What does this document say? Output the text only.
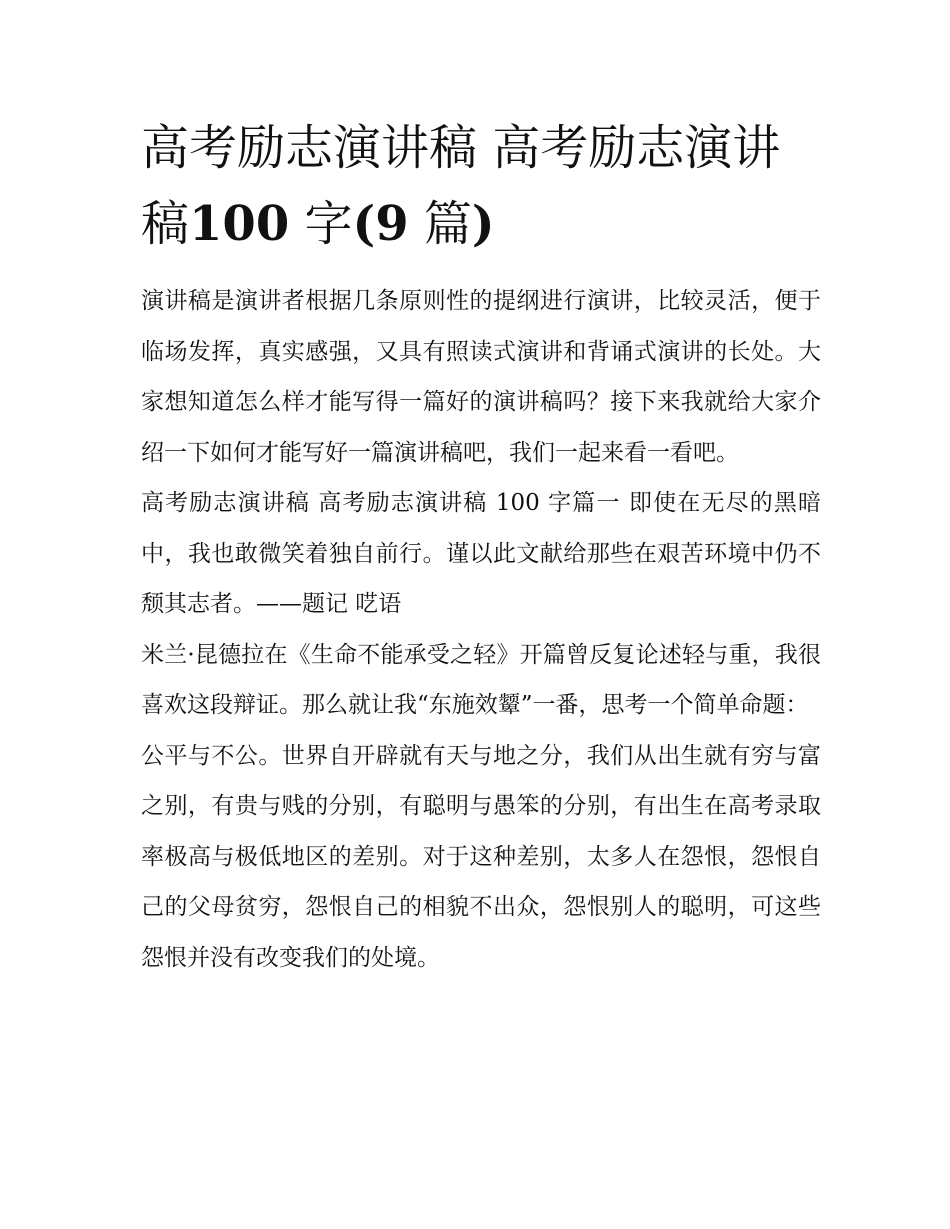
高考励志演讲稿 高考励志演讲
稿100 字(9 篇)

演讲稿是演讲者根据几条原则性的提纲进行演讲，比较灵活，便于临场发挥，真实感强，又具有照读式演讲和背诵式演讲的长处。大家想知道怎么样才能写得一篇好的演讲稿吗？接下来我就给大家介绍一下如何才能写好一篇演讲稿吧，我们一起来看一看吧。

高考励志演讲稿 高考励志演讲稿 100 字篇一 即使在无尽的黑暗中，我也敢微笑着独自前行。谨以此文献给那些在艰苦环境中仍不颓其志者。——题记 呓语

米兰·昆德拉在《生命不能承受之轻》开篇曾反复论述轻与重，我很喜欢这段辩证。那么就让我“东施效颦”一番，思考一个简单命题：

公平与不公。世界自开辟就有天与地之分，我们从出生就有穷与富之别，有贵与贱的分别，有聪明与愚笨的分别，有出生在高考录取率极高与极低地区的差别。对于这种差别，太多人在怨恨，怨恨自己的父母贫穷，怨恨自己的相貌不出众，怨恨别人的聪明，可这些怨恨并没有改变我们的处境。
